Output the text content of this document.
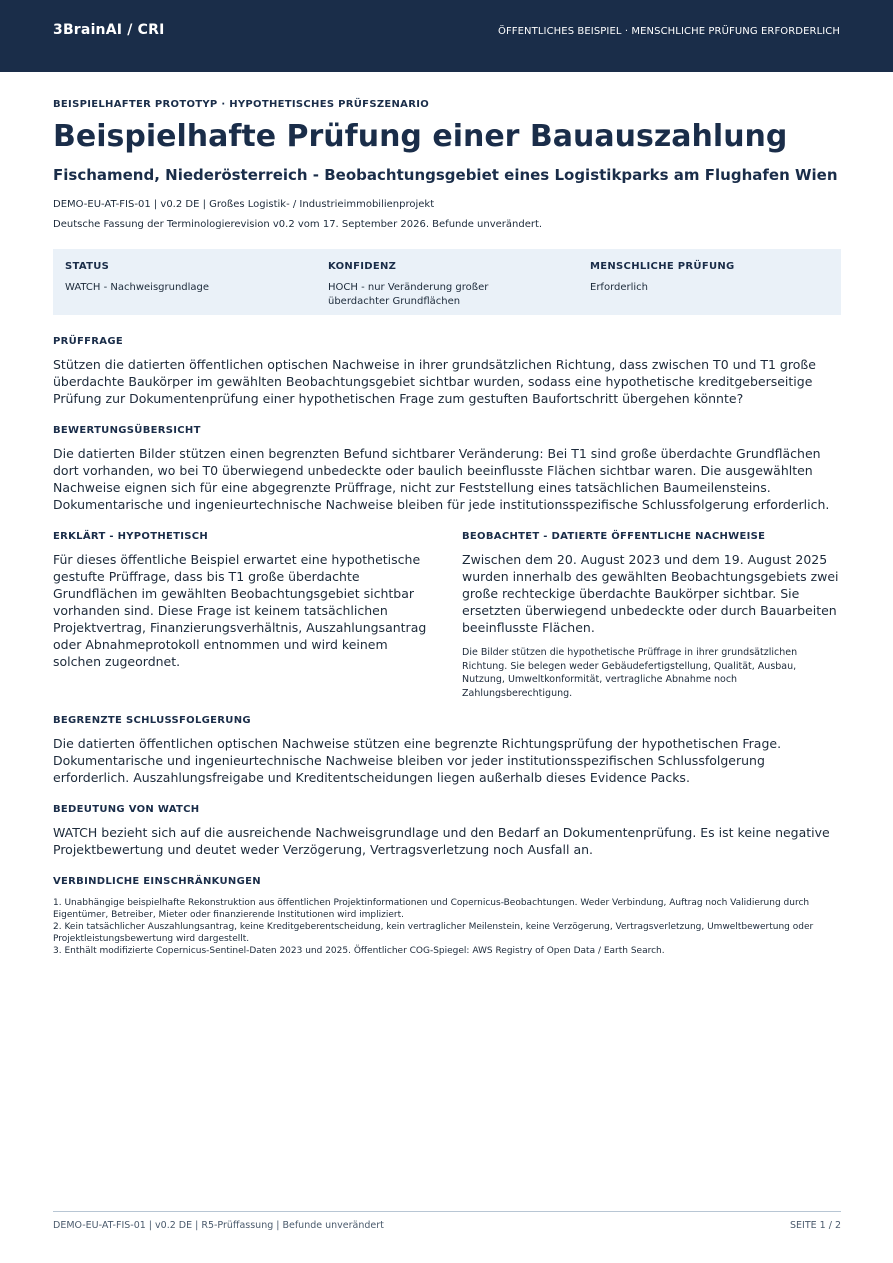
3BrainAI / CRI	ÖFFENTLICHES BEISPIEL · MENSCHLICHE PRÜFUNG ERFORDERLICH

BEISPIELHAFTER PROTOTYP · HYPOTHETISCHES PRÜFSZENARIO

Beispielhafte Prüfung einer Bauauszahlung
Fischamend, Niederösterreich - Beobachtungsgebiet eines Logistikparks am Flughafen Wien

DEMO-EU-AT-FIS-01 | v0.2 DE | Großes Logistik- / Industrieimmobilienprojekt

Deutsche Fassung der Terminologierevision v0.2 vom 17. September 2026. Befunde unverändert.

STATUS

WATCH - Nachweisgrundlage

KONFIDENZ

HOCH - nur Veränderung großer überdachter Grundflächen

MENSCHLICHE PRÜFUNG

Erforderlich

PRÜFFRAGE

Stützen die datierten öffentlichen optischen Nachweise in ihrer grundsätzlichen Richtung, dass zwischen T0 und T1 große überdachte Baukörper im gewählten Beobachtungsgebiet sichtbar wurden, sodass eine hypothetische kreditgeberseitige Prüfung zur Dokumentenprüfung einer hypothetischen Frage zum gestuften Baufortschritt übergehen könnte?

BEWERTUNGSÜBERSICHT

Die datierten Bilder stützen einen begrenzten Befund sichtbarer Veränderung: Bei T1 sind große überdachte Grundflächen dort vorhanden, wo bei T0 überwiegend unbedeckte oder baulich beeinflusste Flächen sichtbar waren. Die ausgewählten Nachweise eignen sich für eine abgegrenzte Prüffrage, nicht zur Feststellung eines tatsächlichen Baumeilensteins. Dokumentarische und ingenieurtechnische Nachweise bleiben für jede institutionsspezifische Schlussfolgerung erforderlich.

ERKLÄRT - HYPOTHETISCH

Für dieses öffentliche Beispiel erwartet eine hypothetische gestufte Prüffrage, dass bis T1 große überdachte Grundflächen im gewählten Beobachtungsgebiet sichtbar vorhanden sind. Diese Frage ist keinem tatsächlichen Projektvertrag, Finanzierungsverhältnis, Auszahlungsantrag oder Abnahmeprotokoll entnommen und wird keinem solchen zugeordnet.

BEOBACHTET - DATIERTE ÖFFENTLICHE NACHWEISE

Zwischen dem 20. August 2023 und dem 19. August 2025 wurden innerhalb des gewählten Beobachtungsgebiets zwei große rechteckige überdachte Baukörper sichtbar. Sie ersetzten überwiegend unbedeckte oder durch Bauarbeiten beeinflusste Flächen.

Die Bilder stützen die hypothetische Prüffrage in ihrer grundsätzlichen Richtung. Sie belegen weder Gebäudefertigstellung, Qualität, Ausbau, Nutzung, Umweltkonformität, vertragliche Abnahme noch Zahlungsberechtigung.

BEGRENZTE SCHLUSSFOLGERUNG

Die datierten öffentlichen optischen Nachweise stützen eine begrenzte Richtungsprüfung der hypothetischen Frage. Dokumentarische und ingenieurtechnische Nachweise bleiben vor jeder institutionsspezifischen Schlussfolgerung erforderlich. Auszahlungsfreigabe und Kreditentscheidungen liegen außerhalb dieses Evidence Packs.

BEDEUTUNG VON WATCH

WATCH bezieht sich auf die ausreichende Nachweisgrundlage und den Bedarf an Dokumentenprüfung. Es ist keine negative Projektbewertung und deutet weder Verzögerung, Vertragsverletzung noch Ausfall an.

VERBINDLICHE EINSCHRÄNKUNGEN

1. Unabhängige beispielhafte Rekonstruktion aus öffentlichen Projektinformationen und Copernicus-Beobachtungen. Weder Verbindung, Auftrag noch Validierung durch Eigentümer, Betreiber, Mieter oder finanzierende Institutionen wird impliziert.
2. Kein tatsächlicher Auszahlungsantrag, keine Kreditgeberentscheidung, kein vertraglicher Meilenstein, keine Verzögerung, Vertragsverletzung, Umweltbewertung oder Projektleistungsbewertung wird dargestellt.
3. Enthält modifizierte Copernicus-Sentinel-Daten 2023 und 2025. Öffentlicher COG-Spiegel: AWS Registry of Open Data / Earth Search.
DEMO-EU-AT-FIS-01 | v0.2 DE | R5-Prüffassung | Befunde unverändert	SEITE 1 / 2
